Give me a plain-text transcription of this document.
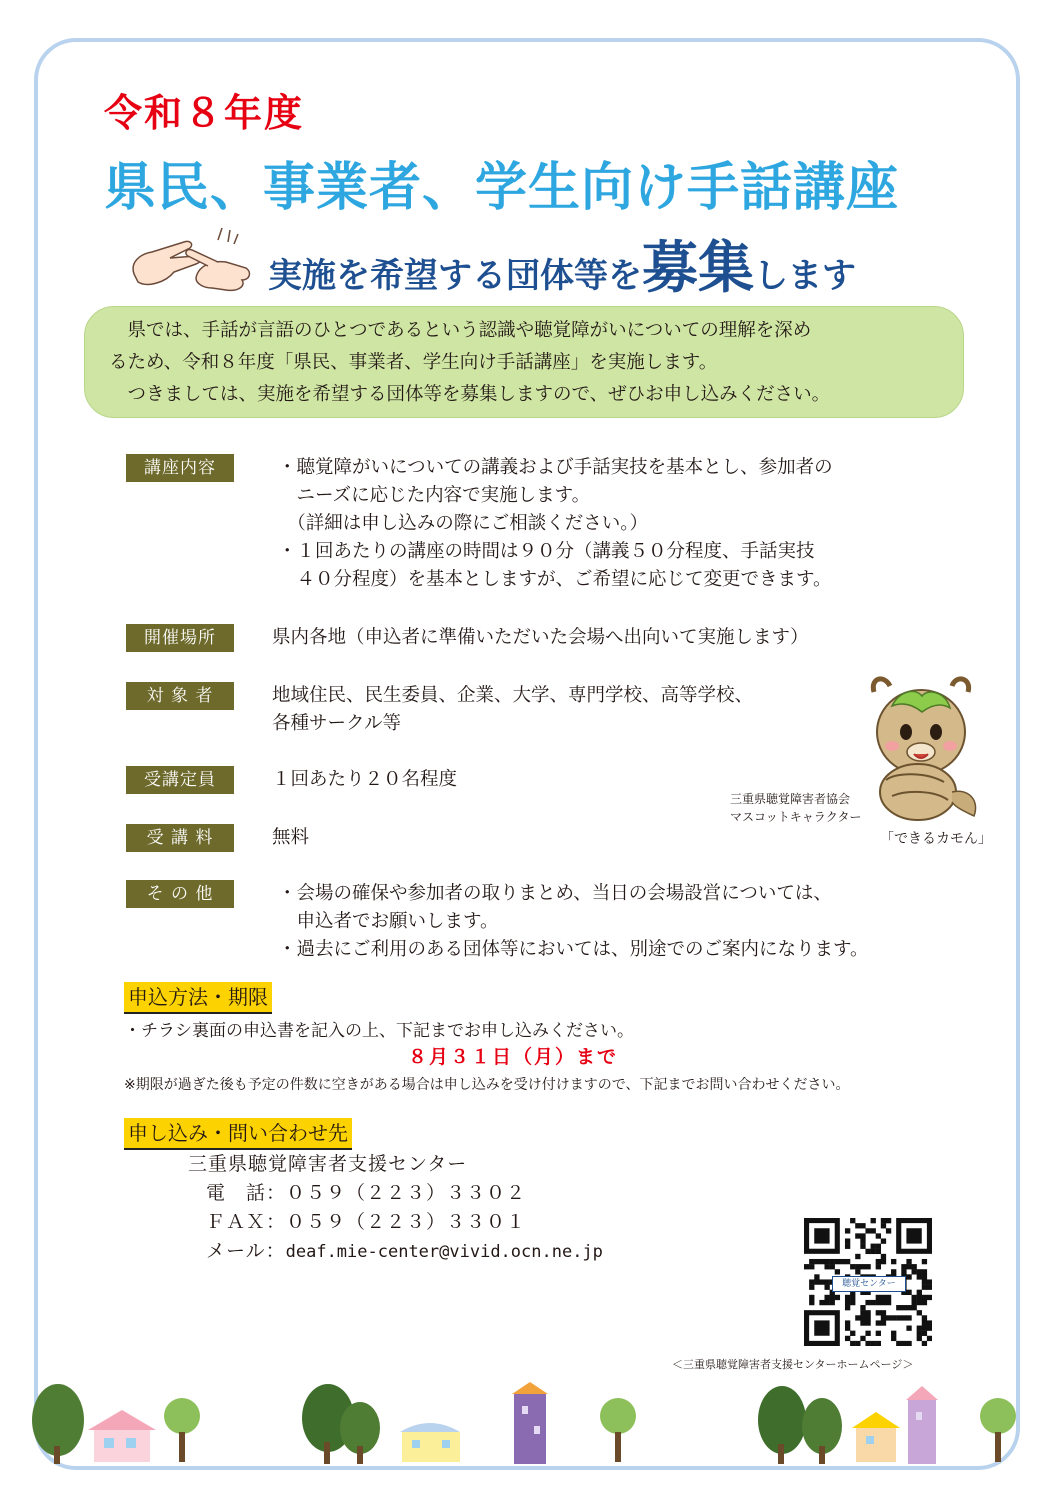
令和８年度
県民、事業者、学生向け手話講座
実施を希望する団体等を募集します

　県では、手話が言語のひとつであるという認識や聴覚障がいについての理解を深め

るため、令和８年度「県民、事業者、学生向け手話講座」を実施します。

　つきましては、実施を希望する団体等を募集しますので、ぜひお申し込みください。

講座内容	・聴覚障がいについての講義および手話実技を基本とし、参加者の
　ニーズに応じた内容で実施します。
　（詳細は申し込みの際にご相談ください。）
・１回あたりの講座の時間は９０分（講義５０分程度、手話実技
　４０分程度）を基本としますが、ご希望に応じて変更できます。
開催場所	県内各地（申込者に準備いただいた会場へ出向いて実施します）
対 象 者	地域住民、民生委員、企業、大学、専門学校、高等学校、
各種サークル等
受講定員	１回あたり２０名程度
受 講 料	無料
そ の 他	・会場の確保や参加者の取りまとめ、当日の会場設営については、
　申込者でお願いします。
・過去にご利用のある団体等においては、別途でのご案内になります。
三重県聴覚障害者協会
マスコットキャラクター
「できるカモん」
申込方法・期限
・チラシ裏面の申込書を記入の上、下記までお申し込みください。
８月３１日（月）まで
※期限が過ぎた後も予定の件数に空きがある場合は申し込みを受け付けますので、下記までお問い合わせください。
申し込み・問い合わせ先
三重県聴覚障害者支援センター
電　話：０５９（２２３）３３０２
ＦＡＸ：０５９（２２３）３３０１
メール：deaf.mie-center@vivid.ocn.ne.jp
聴覚センター
＜三重県聴覚障害者支援センターホームページ＞
